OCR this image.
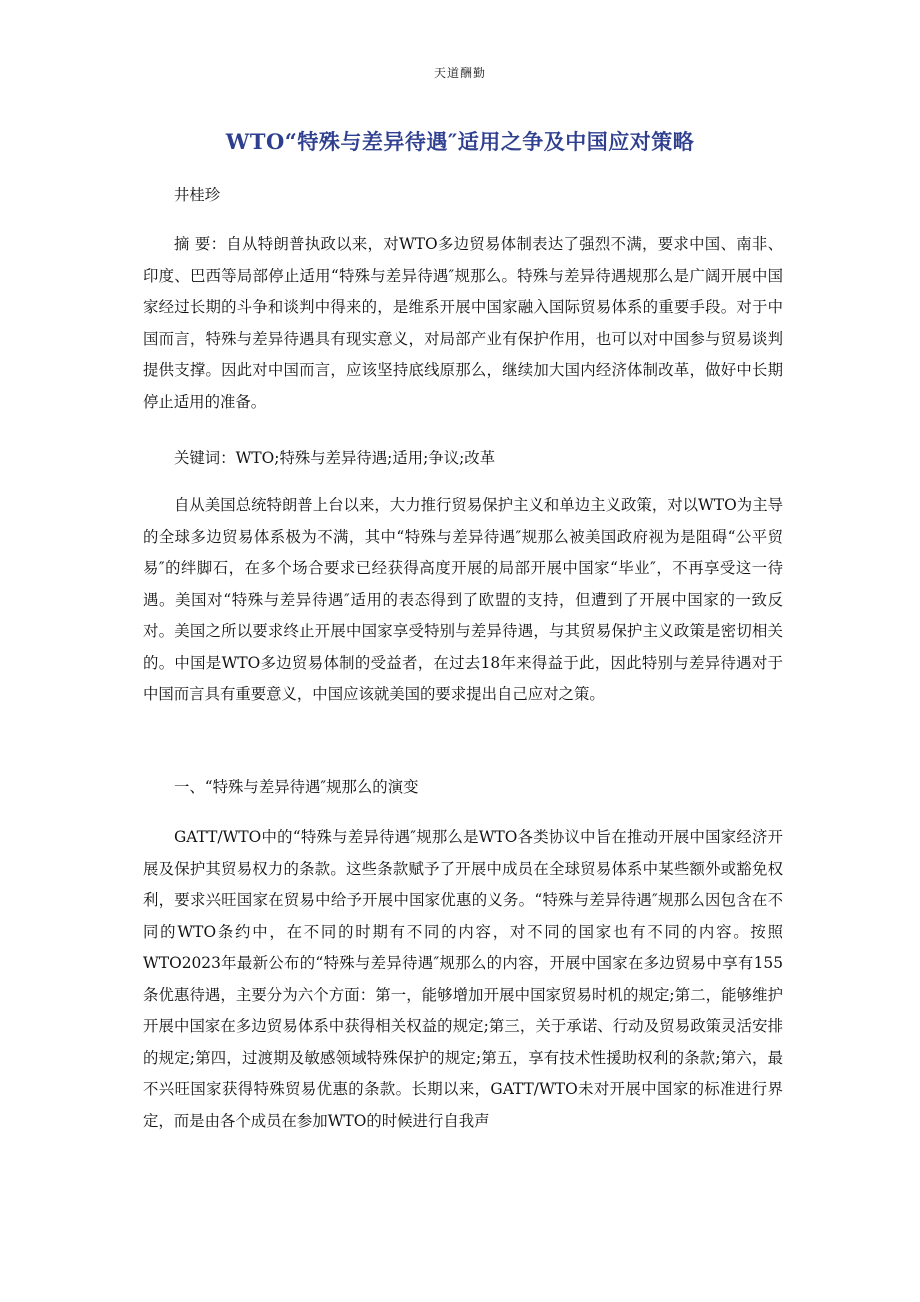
天道酬勤
WTO“特殊与差异待遇″适用之争及中国应对策略

井桂珍

摘 要：自从特朗普执政以来，对WTO多边贸易体制表达了强烈不满，要求中国、南非、印度、巴西等局部停止适用“特殊与差异待遇″规那么。特殊与差异待遇规那么是广阔开展中国家经过长期的斗争和谈判中得来的，是维系开展中国家融入国际贸易体系的重要手段。对于中国而言，特殊与差异待遇具有现实意义，对局部产业有保护作用，也可以对中国参与贸易谈判提供支撑。因此对中国而言，应该坚持底线原那么，继续加大国内经济体制改革，做好中长期停止适用的准备。

关键词：WTO;特殊与差异待遇;适用;争议;改革

自从美国总统特朗普上台以来，大力推行贸易保护主义和单边主义政策，对以WTO为主导的全球多边贸易体系极为不满，其中“特殊与差异待遇″规那么被美国政府视为是阻碍“公平贸易″的绊脚石，在多个场合要求已经获得高度开展的局部开展中国家“毕业″，不再享受这一待遇。美国对“特殊与差异待遇″适用的表态得到了欧盟的支持，但遭到了开展中国家的一致反对。美国之所以要求终止开展中国家享受特别与差异待遇，与其贸易保护主义政策是密切相关的。中国是WTO多边贸易体制的受益者，在过去18年来得益于此，因此特别与差异待遇对于中国而言具有重要意义，中国应该就美国的要求提出自己应对之策。

一、“特殊与差异待遇″规那么的演变

GATT/WTO中的“特殊与差异待遇″规那么是WTO各类协议中旨在推动开展中国家经济开展及保护其贸易权力的条款。这些条款赋予了开展中成员在全球贸易体系中某些额外或豁免权利，要求兴旺国家在贸易中给予开展中国家优惠的义务。“特殊与差异待遇″规那么因包含在不同的WTO条约中，在不同的时期有不同的内容，对不同的国家也有不同的内容。按照WTO2023年最新公布的“特殊与差异待遇″规那么的内容，开展中国家在多边贸易中享有155条优惠待遇，主要分为六个方面：第一，能够增加开展中国家贸易时机的规定;第二，能够维护开展中国家在多边贸易体系中获得相关权益的规定;第三，关于承诺、行动及贸易政策灵活安排的规定;第四，过渡期及敏感领域特殊保护的规定;第五，享有技术性援助权利的条款;第六，最不兴旺国家获得特殊贸易优惠的条款。长期以来，GATT/WTO未对开展中国家的标准进行界定，而是由各个成员在参加WTO的时候进行自我声
